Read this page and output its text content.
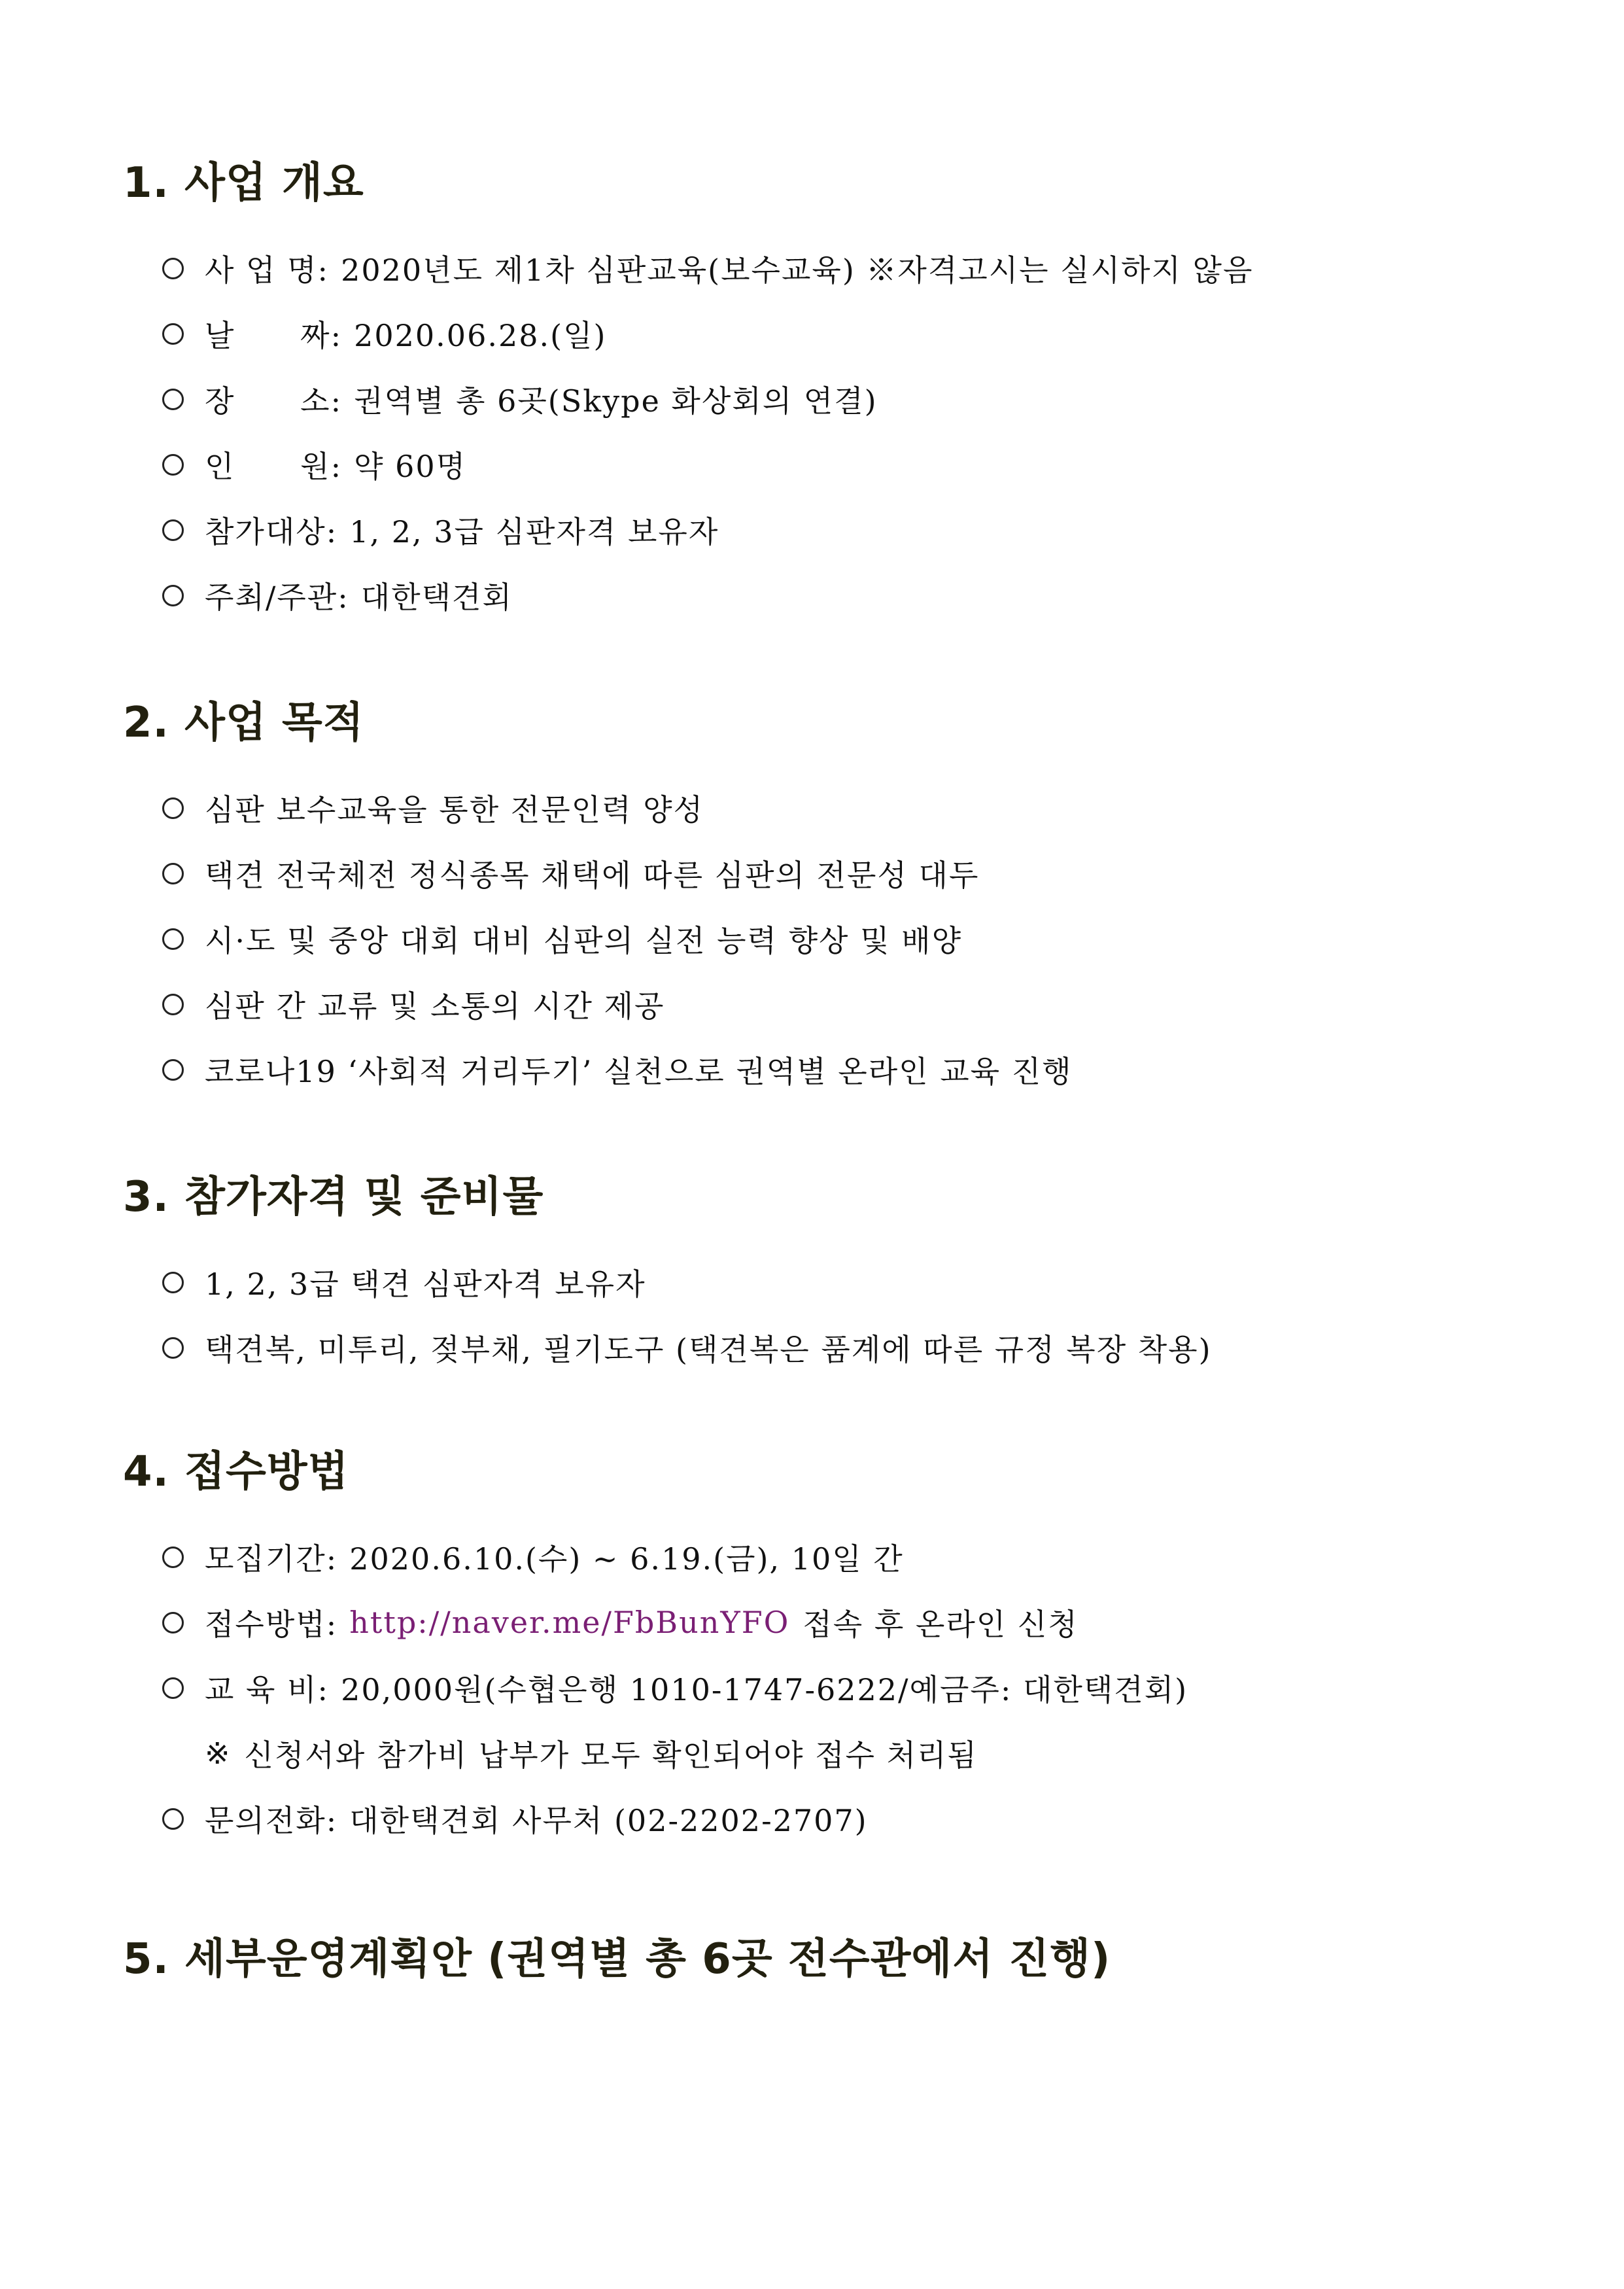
1. 사업 개요
사 업 명: 2020년도 제1차 심판교육(보수교육) ※자격고시는 실시하지 않음
날      짜: 2020.06.28.(일)
장      소: 권역별 총 6곳(Skype 화상회의 연결)
인      원: 약 60명
참가대상: 1, 2, 3급 심판자격 보유자
주최/주관: 대한택견회
2. 사업 목적
심판 보수교육을 통한 전문인력 양성
택견 전국체전 정식종목 채택에 따른 심판의 전문성 대두
시·도 및 중앙 대회 대비 심판의 실전 능력 향상 및 배양
심판 간 교류 및 소통의 시간 제공
코로나19 ‘사회적 거리두기’ 실천으로 권역별 온라인 교육 진행
3. 참가자격 및 준비물
1, 2, 3급 택견 심판자격 보유자
택견복, 미투리, 젖부채, 필기도구 (택견복은 품계에 따른 규정 복장 착용)
4. 접수방법
모집기간: 2020.6.10.(수) ~ 6.19.(금), 10일 간
접수방법: http://naver.me/FbBunYFO 접속 후 온라인 신청
교 육 비: 20,000원(수협은행 1010-1747-6222/예금주: 대한택견회)
※ 신청서와 참가비 납부가 모두 확인되어야 접수 처리됨
문의전화: 대한택견회 사무처 (02-2202-2707)
5. 세부운영계획안 (권역별 총 6곳 전수관에서 진행)
